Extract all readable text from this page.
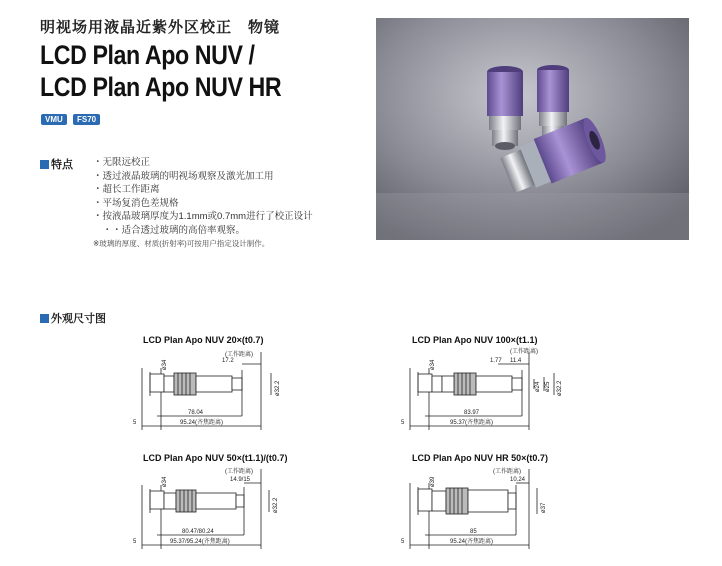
明视场用液晶近紫外区校正　物镜
LCD Plan Apo NUV /
LCD Plan Apo NUV HR
VMU	FS70
特点 ・无限远校正
・透过液晶玻璃的明视场观察及激光加工用
・超长工作距离
・平场复消色差规格
・按液晶玻璃厚度为1.1mm或0.7mm进行了校正设计
　・・适合透过玻璃的高倍率观察。
※玻璃的厚度、材质(折射率)可按用户指定设计制作。
外观尺寸图
LCD Plan Apo NUV 20×(t0.7)
17.2
(工作距离)
ø34
ø32.2
78.04
95.24(齐焦距离)
5
LCD Plan Apo NUV 100×(t1.1)
(工作距离)
1.77 11.4
ø34
ø24 ø25 ø32.2
83.97
95.37(齐焦距离)
5
LCD Plan Apo NUV 50×(t1.1)/(t0.7)
(工作距离)
14.9/15
ø34
ø32.2
80.47/80.24
95.37/95.24(齐焦距离)
5
LCD Plan Apo NUV HR 50×(t0.7)
(工作距离)
10.24
ø39
ø37
85
95.24(齐焦距离)
5
